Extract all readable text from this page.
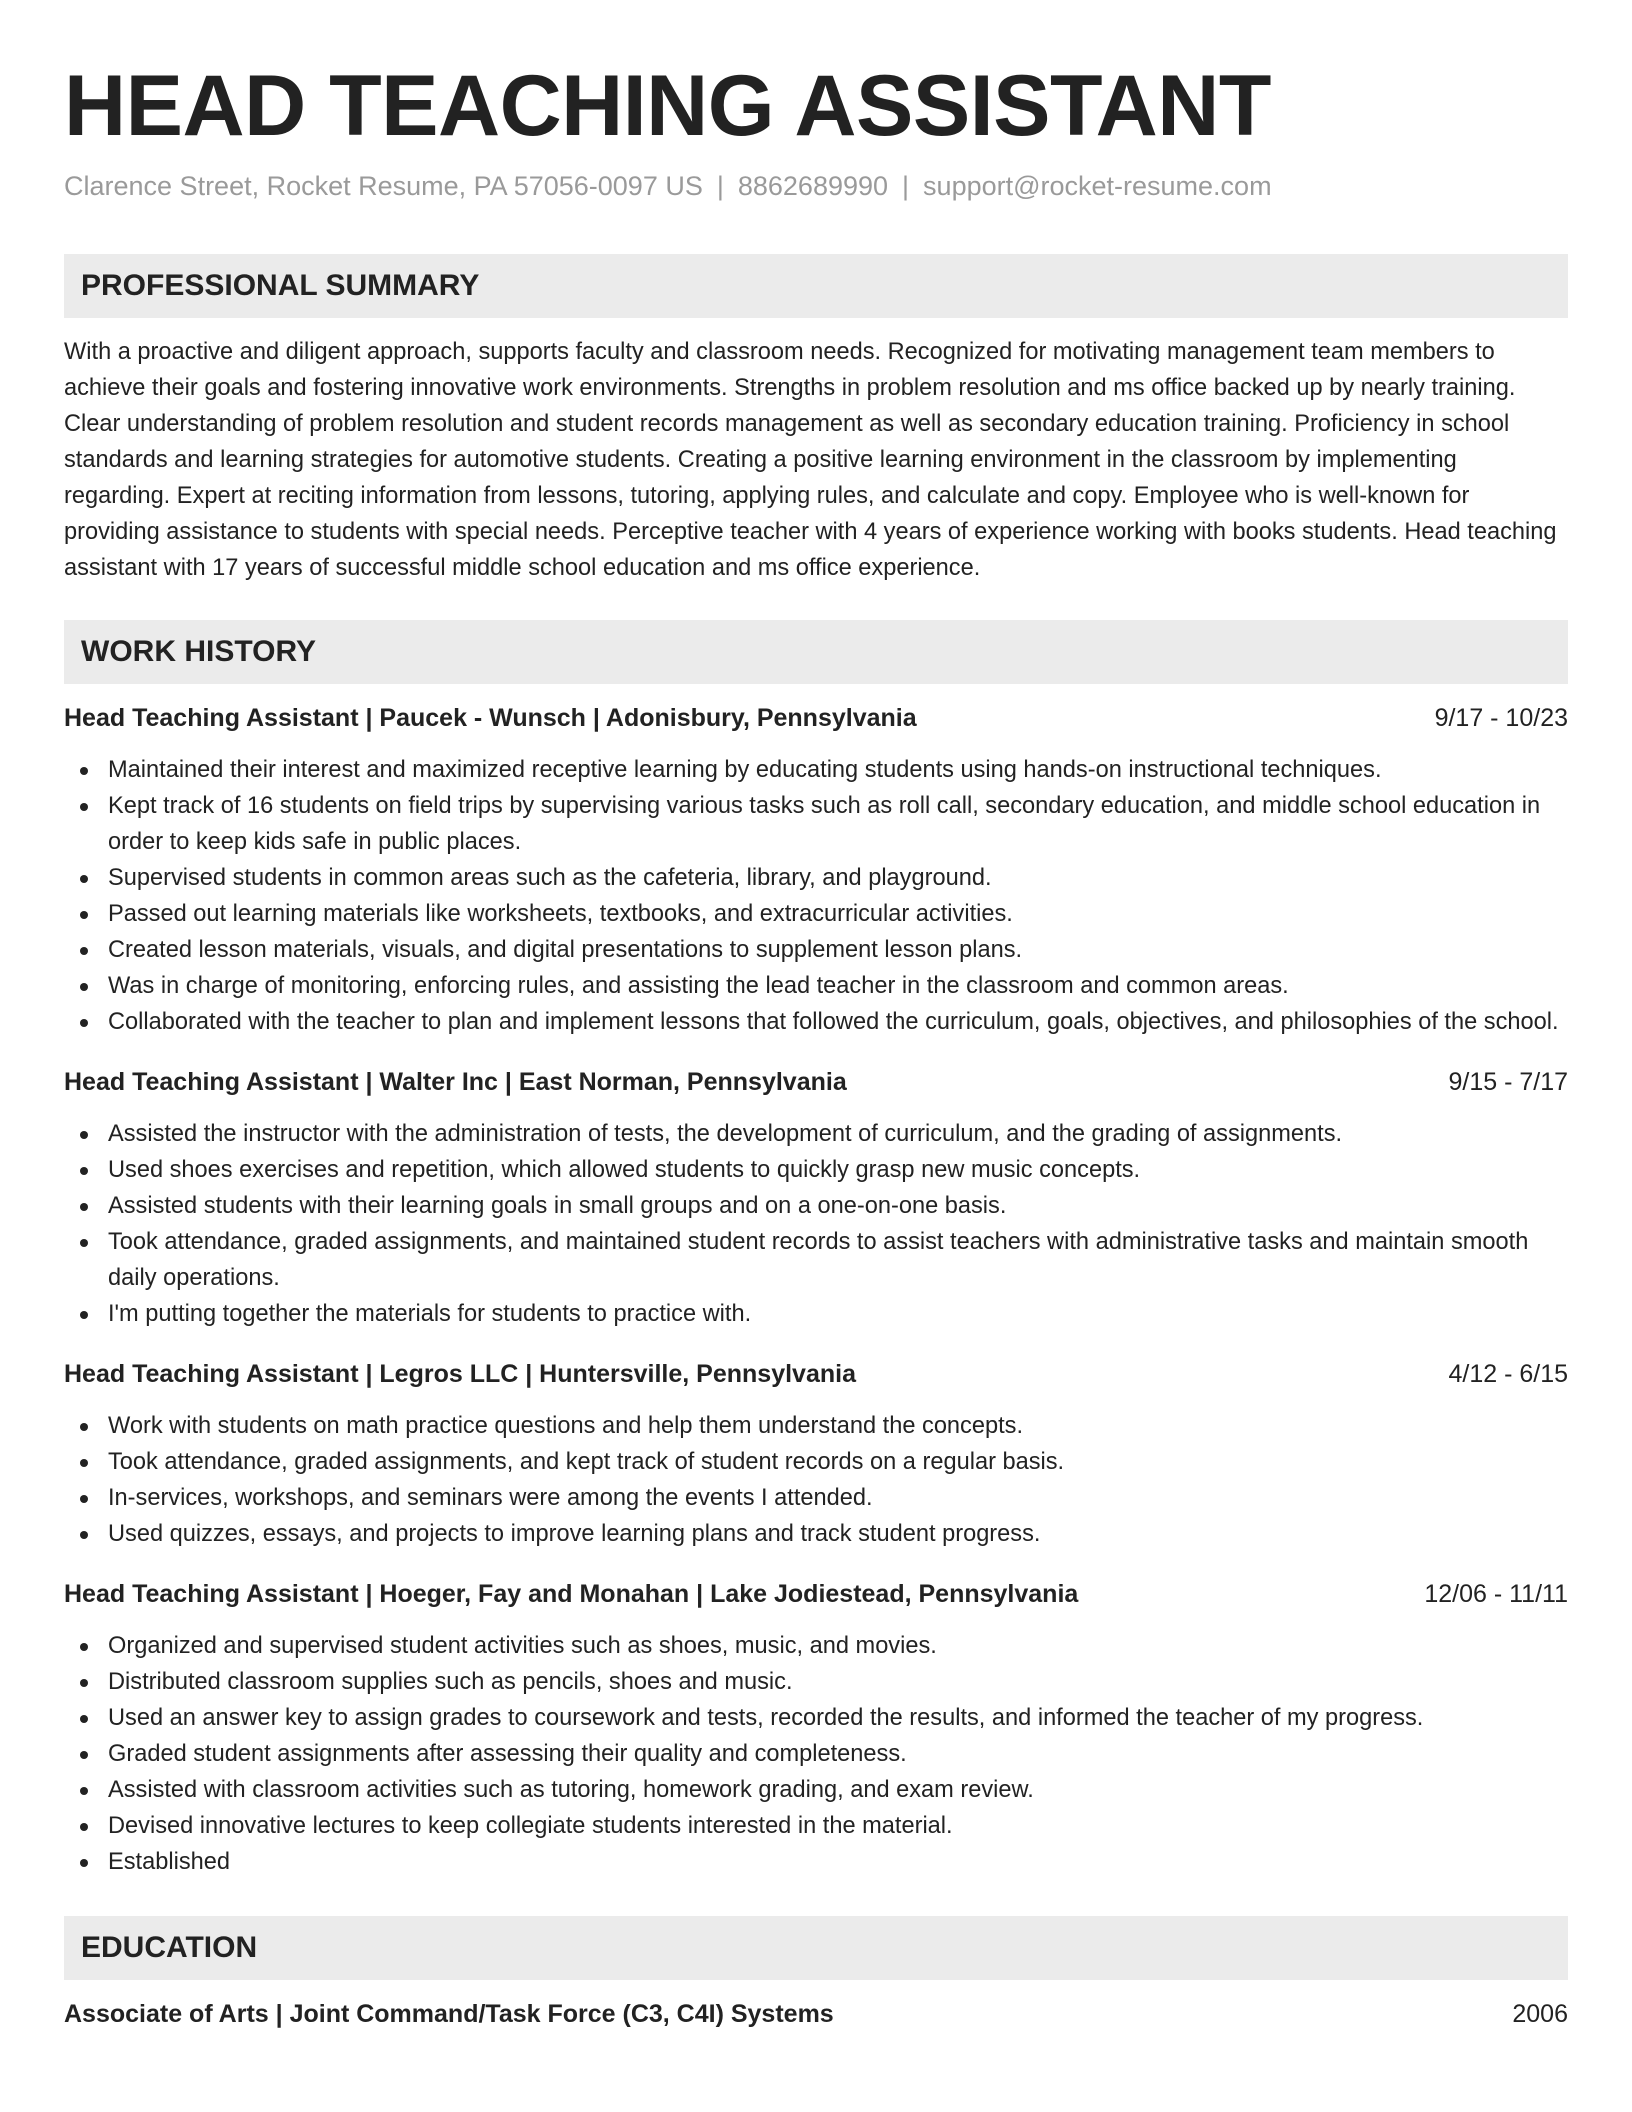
HEAD TEACHING ASSISTANT
Clarence Street, Rocket Resume, PA 57056-0097 US | 8862689990 | support@rocket-resume.com
PROFESSIONAL SUMMARY

With a proactive and diligent approach, supports faculty and classroom needs. Recognized for motivating management team members to achieve their goals and fostering innovative work environments. Strengths in problem resolution and ms office backed up by nearly training. Clear understanding of problem resolution and student records management as well as secondary education training. Proficiency in school standards and learning strategies for automotive students. Creating a positive learning environment in the classroom by implementing regarding. Expert at reciting information from lessons, tutoring, applying rules, and calculate and copy. Employee who is well-known for providing assistance to students with special needs. Perceptive teacher with 4 years of experience working with books students. Head teaching assistant with 17 years of successful middle school education and ms office experience.

WORK HISTORY
Head Teaching Assistant | Paucek - Wunsch | Adonisbury, Pennsylvania	9/17 - 10/23
Maintained their interest and maximized receptive learning by educating students using hands-on instructional techniques.
Kept track of 16 students on field trips by supervising various tasks such as roll call, secondary education, and middle school education in order to keep kids safe in public places.
Supervised students in common areas such as the cafeteria, library, and playground.
Passed out learning materials like worksheets, textbooks, and extracurricular activities.
Created lesson materials, visuals, and digital presentations to supplement lesson plans.
Was in charge of monitoring, enforcing rules, and assisting the lead teacher in the classroom and common areas.
Collaborated with the teacher to plan and implement lessons that followed the curriculum, goals, objectives, and philosophies of the school.
Head Teaching Assistant | Walter Inc | East Norman, Pennsylvania	9/15 - 7/17
Assisted the instructor with the administration of tests, the development of curriculum, and the grading of assignments.
Used shoes exercises and repetition, which allowed students to quickly grasp new music concepts.
Assisted students with their learning goals in small groups and on a one-on-one basis.
Took attendance, graded assignments, and maintained student records to assist teachers with administrative tasks and maintain smooth daily operations.
I'm putting together the materials for students to practice with.
Head Teaching Assistant | Legros LLC | Huntersville, Pennsylvania	4/12 - 6/15
Work with students on math practice questions and help them understand the concepts.
Took attendance, graded assignments, and kept track of student records on a regular basis.
In-services, workshops, and seminars were among the events I attended.
Used quizzes, essays, and projects to improve learning plans and track student progress.
Head Teaching Assistant | Hoeger, Fay and Monahan | Lake Jodiestead, Pennsylvania	12/06 - 11/11
Organized and supervised student activities such as shoes, music, and movies.
Distributed classroom supplies such as pencils, shoes and music.
Used an answer key to assign grades to coursework and tests, recorded the results, and informed the teacher of my progress.
Graded student assignments after assessing their quality and completeness.
Assisted with classroom activities such as tutoring, homework grading, and exam review.
Devised innovative lectures to keep collegiate students interested in the material.
Established
EDUCATION
Associate of Arts | Joint Command/Task Force (C3, C4I) Systems	2006
